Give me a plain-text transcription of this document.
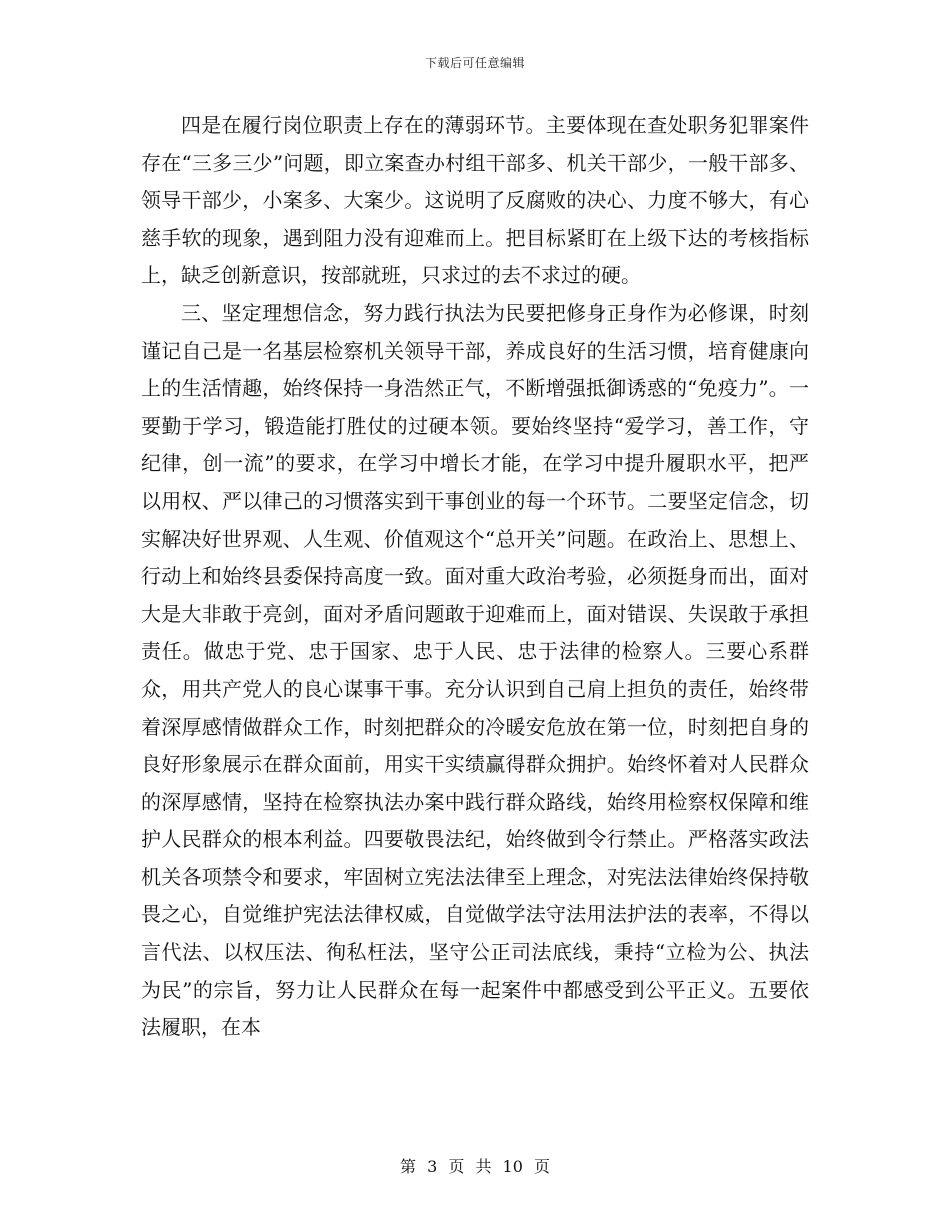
下载后可任意编辑

四是在履行岗位职责上存在的薄弱环节。主要体现在查处职务犯罪案件存在“三多三少”问题，即立案查办村组干部多、机关干部少，一般干部多、领导干部少，小案多、大案少。这说明了反腐败的决心、力度不够大，有心慈手软的现象，遇到阻力没有迎难而上。把目标紧盯在上级下达的考核指标上，缺乏创新意识，按部就班，只求过的去不求过的硬。

三、坚定理想信念，努力践行执法为民要把修身正身作为必修课，时刻谨记自己是一名基层检察机关领导干部，养成良好的生活习惯，培育健康向上的生活情趣，始终保持一身浩然正气，不断增强抵御诱惑的“免疫力”。一要勤于学习，锻造能打胜仗的过硬本领。要始终坚持“爱学习，善工作，守纪律，创一流”的要求，在学习中增长才能，在学习中提升履职水平，把严以用权、严以律己的习惯落实到干事创业的每一个环节。二要坚定信念，切实解决好世界观、人生观、价值观这个“总开关”问题。在政治上、思想上、行动上和始终县委保持高度一致。面对重大政治考验，必须挺身而出，面对大是大非敢于亮剑，面对矛盾问题敢于迎难而上，面对错误、失误敢于承担责任。做忠于党、忠于国家、忠于人民、忠于法律的检察人。三要心系群众，用共产党人的良心谋事干事。充分认识到自己肩上担负的责任，始终带着深厚感情做群众工作，时刻把群众的冷暖安危放在第一位，时刻把自身的良好形象展示在群众面前，用实干实绩赢得群众拥护。始终怀着对人民群众的深厚感情，坚持在检察执法办案中践行群众路线，始终用检察权保障和维护人民群众的根本利益。四要敬畏法纪，始终做到令行禁止。严格落实政法机关各项禁令和要求，牢固树立宪法法律至上理念，对宪法法律始终保持敬畏之心，自觉维护宪法法律权威，自觉做学法守法用法护法的表率，不得以言代法、以权压法、徇私枉法，坚守公正司法底线，秉持“立检为公、执法为民”的宗旨，努力让人民群众在每一起案件中都感受到公平正义。五要依法履职，在本

第 3 页 共 10 页
